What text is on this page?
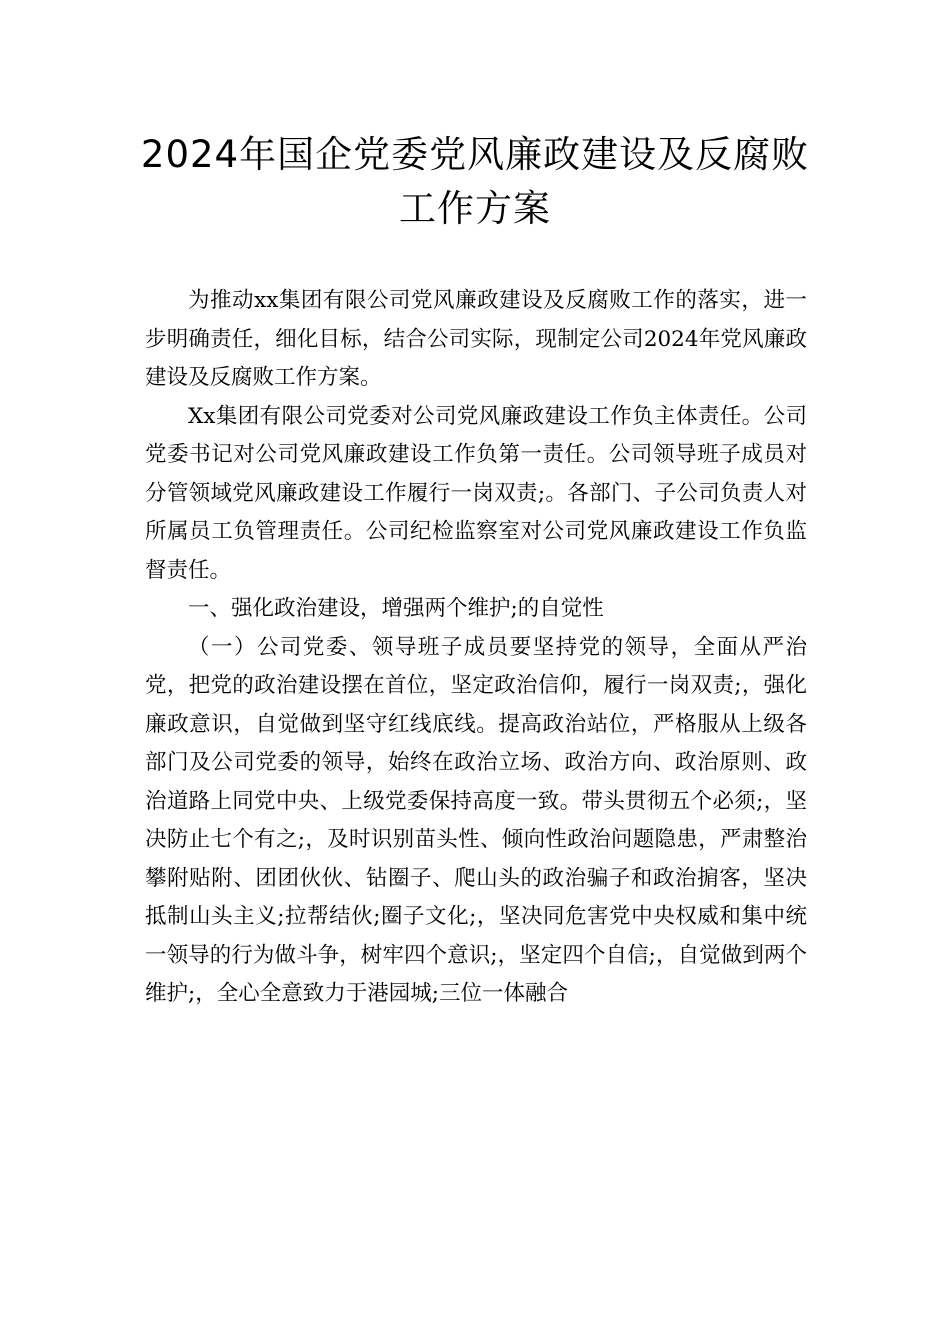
2024年国企党委党风廉政建设及反腐败
工作方案

为推动xx集团有限公司党风廉政建设及反腐败工作的落实，进一步明确责任，细化目标，结合公司实际，现制定公司2024年党风廉政建设及反腐败工作方案。

Xx集团有限公司党委对公司党风廉政建设工作负主体责任。公司党委书记对公司党风廉政建设工作负第一责任。公司领导班子成员对分管领域党风廉政建设工作履行一岗双责;。各部门、子公司负责人对所属员工负管理责任。公司纪检监察室对公司党风廉政建设工作负监督责任。

一、强化政治建设，增强两个维护;的自觉性

（一）公司党委、领导班子成员要坚持党的领导，全面从严治党，把党的政治建设摆在首位，坚定政治信仰，履行一岗双责;，强化廉政意识，自觉做到坚守红线底线。提高政治站位，严格服从上级各部门及公司党委的领导，始终在政治立场、政治方向、政治原则、政治道路上同党中央、上级党委保持高度一致。带头贯彻五个必须;，坚决防止七个有之;，及时识别苗头性、倾向性政治问题隐患，严肃整治攀附贴附、团团伙伙、钻圈子、爬山头的政治骗子和政治掮客，坚决抵制山头主义;拉帮结伙;圈子文化;，坚决同危害党中央权威和集中统一领导的行为做斗争，树牢四个意识;，坚定四个自信;，自觉做到两个维护;，全心全意致力于港园城;三位一体融合
